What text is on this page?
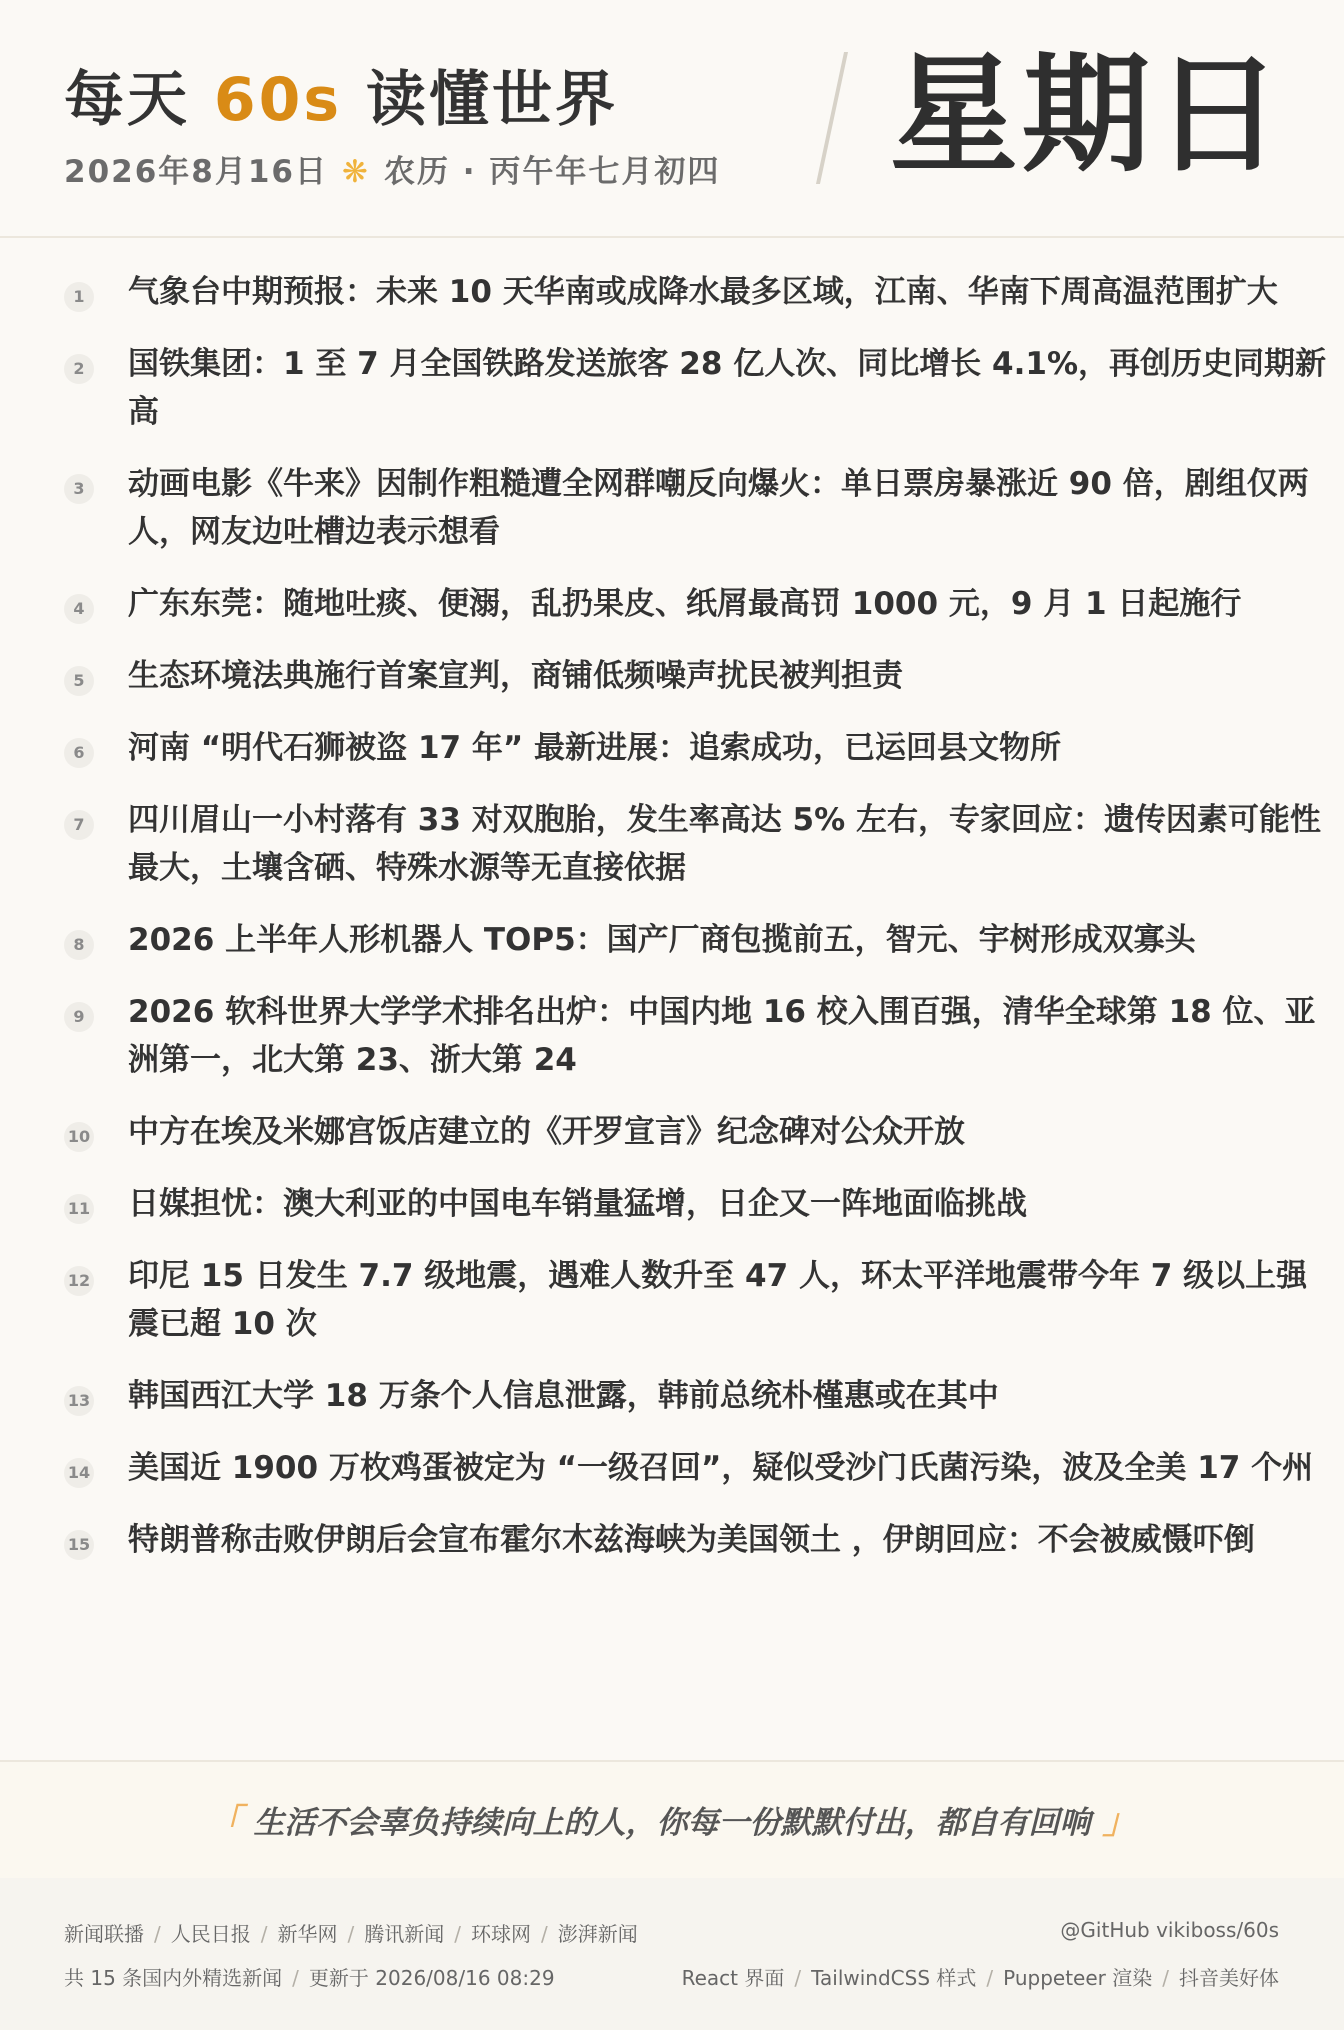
每天 60s 读懂世界
2026年8月16日 ❋ 农历 · 丙午年七月初四 星期日
1	气象台中期预报：未来 10 天华南或成降水最多区域，江南、华南下周高温范围扩大
2	国铁集团：1 至 7 月全国铁路发送旅客 28 亿人次、同比增长 4.1%，再创历史同期新高
3	动画电影《牛来》因制作粗糙遭全网群嘲反向爆火：单日票房暴涨近 90 倍，剧组仅两人，网友边吐槽边表示想看
4	广东东莞：随地吐痰、便溺，乱扔果皮、纸屑最高罚 1000 元，9 月 1 日起施行
5	生态环境法典施行首案宣判，商铺低频噪声扰民被判担责
6	河南 “明代石狮被盗 17 年” 最新进展：追索成功，已运回县文物所
7	四川眉山一小村落有 33 对双胞胎，发生率高达 5% 左右，专家回应：遗传因素可能性最大，土壤含硒、特殊水源等无直接依据
8	2026 上半年人形机器人 TOP5：国产厂商包揽前五，智元、宇树形成双寡头
9	2026 软科世界大学学术排名出炉：中国内地 16 校入围百强，清华全球第 18 位、亚洲第一，北大第 23、浙大第 24
10 中方在埃及米娜宫饭店建立的《开罗宣言》纪念碑对公众开放
11 日媒担忧：澳大利亚的中国电车销量猛增，日企又一阵地面临挑战
12 印尼 15 日发生 7.7 级地震，遇难人数升至 47 人，环太平洋地震带今年 7 级以上强震已超 10 次
13 韩国西江大学 18 万条个人信息泄露，韩前总统朴槿惠或在其中
14 美国近 1900 万枚鸡蛋被定为 “一级召回”，疑似受沙门氏菌污染，波及全美 17 个州
15 特朗普称击败伊朗后会宣布霍尔木兹海峡为美国领土 ，伊朗回应：不会被威慑吓倒
「 生活不会辜负持续向上的人，你每一份默默付出，都自有回响 」
新闻联播 / 人民日报 / 新华网 / 腾讯新闻 / 环球网 / 澎湃新闻
共 15 条国内外精选新闻 / 更新于 2026/08/16 08:29
@GitHub vikiboss/60s
React 界面 / TailwindCSS 样式 / Puppeteer 渲染 / 抖音美好体
